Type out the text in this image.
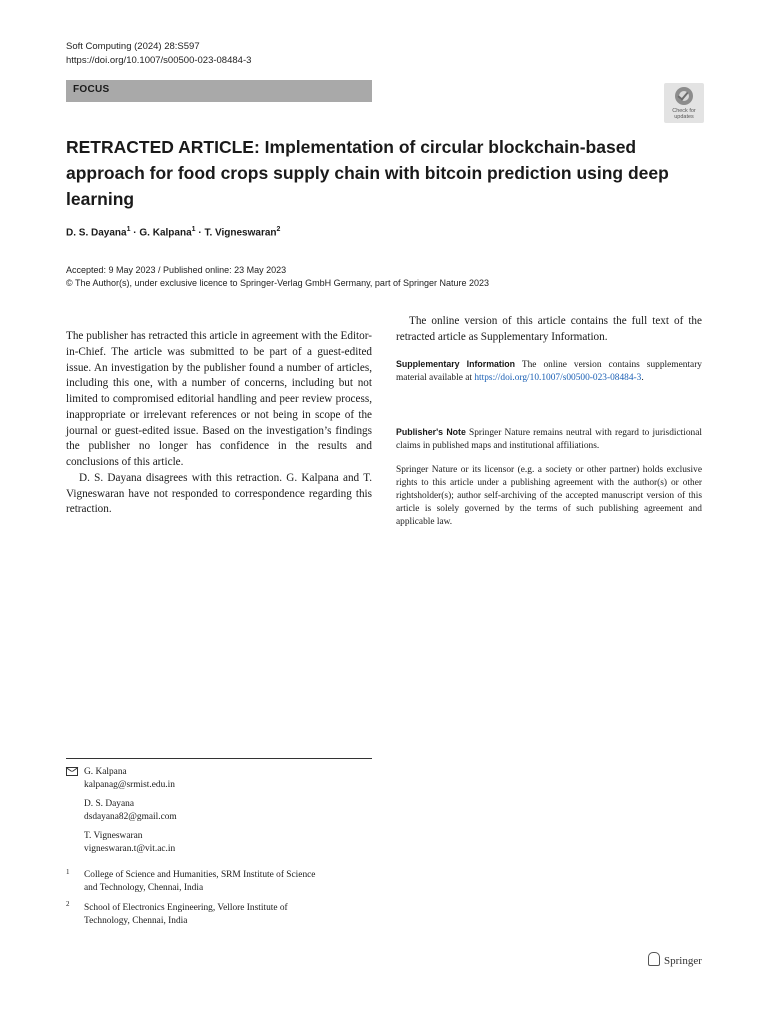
Soft Computing (2024) 28:S597
https://doi.org/10.1007/s00500-023-08484-3
FOCUS
Check for
updates
RETRACTED ARTICLE: Implementation of circular blockchain-based approach for food crops supply chain with bitcoin prediction using deep learning
D. S. Dayana$^1$ · G. Kalpana$^1$ · T. Vigneswaran$^2$
Accepted: 9 May 2023 / Published online: 23 May 2023
© The Author(s), under exclusive licence to Springer-Verlag GmbH Germany, part of Springer Nature 2023
The publisher has retracted this article in agreement with the Editor-in-Chief. The article was submitted to be part of a guest-edited issue. An investigation by the publisher found a number of articles, including this one, with a number of concerns, including but not limited to compromised editorial handling and peer review process, inappropriate or irrelevant references or not being in scope of the journal or guest-edited issue. Based on the investigation’s findings the publisher no longer has confidence in the results and conclusions of this article.
D. S. Dayana disagrees with this retraction. G. Kalpana and T. Vigneswaran have not responded to correspondence regarding this retraction.
The online version of this article contains the full text of the retracted article as Supplementary Information.
Supplementary Information The online version contains supplementary material available at https://doi.org/10.1007/s00500-023-08484-3.
Publisher's Note Springer Nature remains neutral with regard to jurisdictional claims in published maps and institutional affiliations.
Springer Nature or its licensor (e.g. a society or other partner) holds exclusive rights to this article under a publishing agreement with the author(s) or other rightsholder(s); author self-archiving of the accepted manuscript version of this article is solely governed by the terms of such publishing agreement and applicable law.
G. Kalpana
kalpanag@srmist.edu.in
D. S. Dayana
dsdayana82@gmail.com
T. Vigneswaran
vigneswaran.t@vit.ac.in
1 College of Science and Humanities, SRM Institute of Science
and Technology, Chennai, India
2 School of Electronics Engineering, Vellore Institute of
Technology, Chennai, India
Springer
